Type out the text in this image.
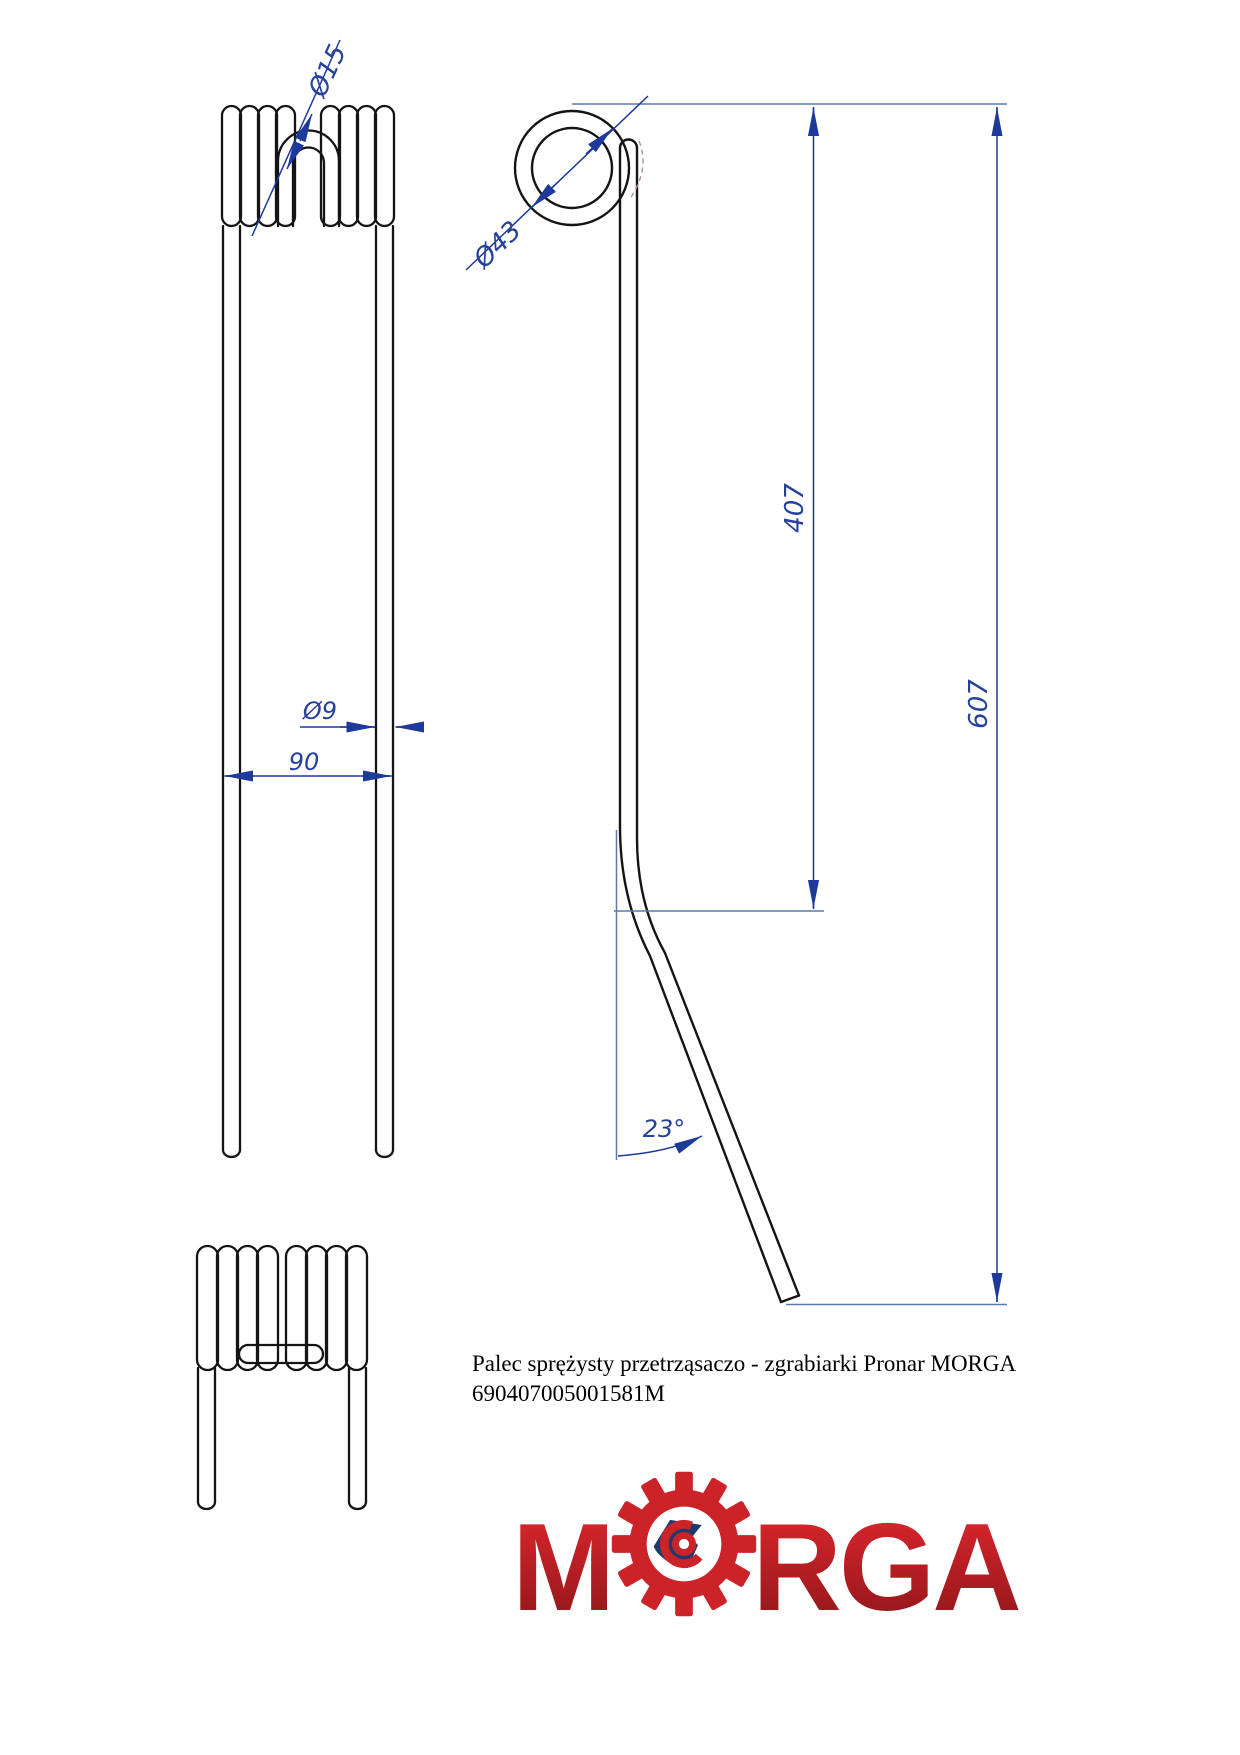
Ø15
Ø43
407
607
Ø9
90
23°
Palec sprężysty przetrząsaczo - zgrabiarki Pronar MORGA
690407005001581M
M RGA
